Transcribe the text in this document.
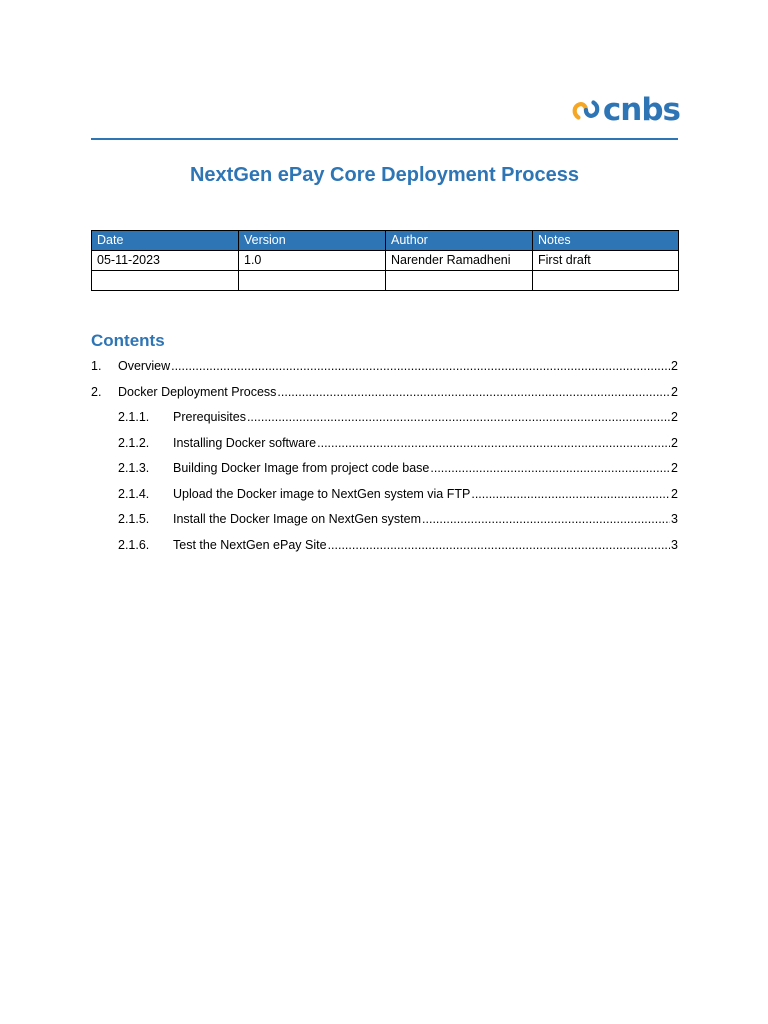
cnbs
NextGen ePay Core Deployment Process
Date	Version	Author	Notes
05-11-2023	1.0	Narender Ramadheni	First draft

Contents
1. Overview .....	2
2. Docker Deployment Process .....	2
2.1.1. Prerequisites .....	2
2.1.2. Installing Docker software .....	2
2.1.3. Building Docker Image from project code base .....	2
2.1.4. Upload the Docker image to NextGen system via FTP .....	2
2.1.5. Install the Docker Image on NextGen system .....	3
2.1.6. Test the NextGen ePay Site .....	3
